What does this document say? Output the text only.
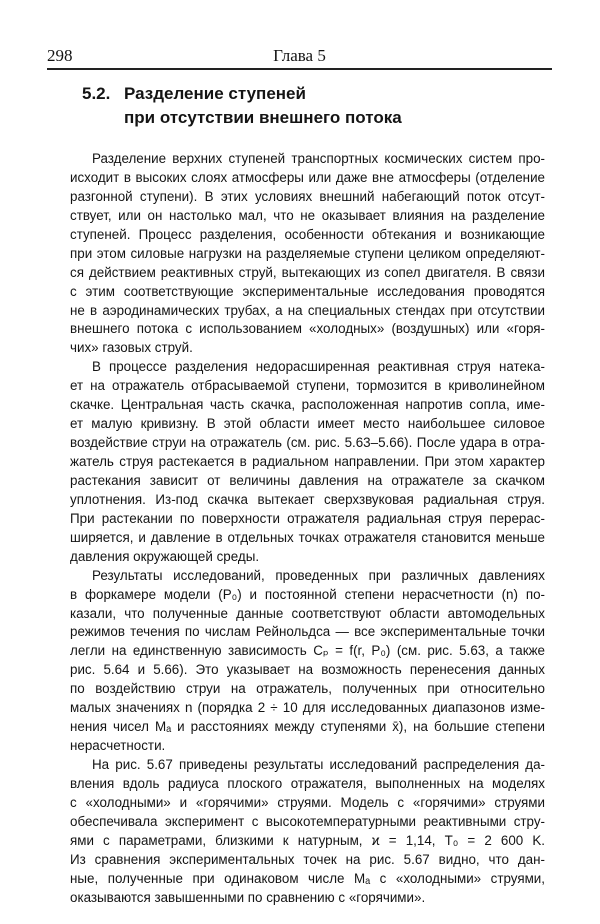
298	Глава 5
5.2. Разделение ступеней
при отсутствии внешнего потока
Разделение верхних ступеней транспортных космических систем про-
исходит в высоких слоях атмосферы или даже вне атмосферы (отделение
разгонной ступени). В этих условиях внешний набегающий поток отсут-
ствует, или он настолько мал, что не оказывает влияния на разделение
ступеней. Процесс разделения, особенности обтекания и возникающие
при этом силовые нагрузки на разделяемые ступени целиком определяют-
ся действием реактивных струй, вытекающих из сопел двигателя. В связи
с этим соответствующие экспериментальные исследования проводятся
не в аэродинамических трубах, а на специальных стендах при отсутствии
внешнего потока с использованием «холодных» (воздушных) или «горя-
чих» газовых струй.
В процессе разделения недорасширенная реактивная струя натека-
ет на отражатель отбрасываемой ступени, тормозится в криволинейном
скачке. Центральная часть скачка, расположенная напротив сопла, име-
ет малую кривизну. В этой области имеет место наибольшее силовое
воздействие струи на отражатель (см. рис. 5.63–5.66). После удара в отра-
жатель струя растекается в радиальном направлении. При этом характер
растекания зависит от величины давления на отражателе за скачком
уплотнения. Из-под скачка вытекает сверхзвуковая радиальная струя.
При растекании по поверхности отражателя радиальная струя перерас-
ширяется, и давление в отдельных точках отражателя становится меньше
давления окружающей среды.
Результаты исследований, проведенных при различных давлениях
в форкамере модели (P₀) и постоянной степени нерасчетности (n) по-
казали, что полученные данные соответствуют области автомодельных
режимов течения по числам Рейнольдса — все экспериментальные точки
легли на единственную зависимость Cₚ = f(r, P₀) (см. рис. 5.63, а также
рис. 5.64 и 5.66). Это указывает на возможность перенесения данных
по воздействию струи на отражатель, полученных при относительно
малых значениях n (порядка 2 ÷ 10 для исследованных диапазонов изме-
нения чисел Mₐ и расстояниях между ступенями x̄), на большие степени
нерасчетности.
На рис. 5.67 приведены результаты исследований распределения да-
вления вдоль радиуса плоского отражателя, выполненных на моделях
с «холодными» и «горячими» струями. Модель с «горячими» струями
обеспечивала эксперимент с высокотемпературными реактивными стру-
ями с параметрами, близкими к натурным, ϰ = 1,14, T₀ = 2 600 K.
Из сравнения экспериментальных точек на рис. 5.67 видно, что дан-
ные, полученные при одинаковом числе Mₐ с «холодными» струями,
оказываются завышенными по сравнению с «горячими».
